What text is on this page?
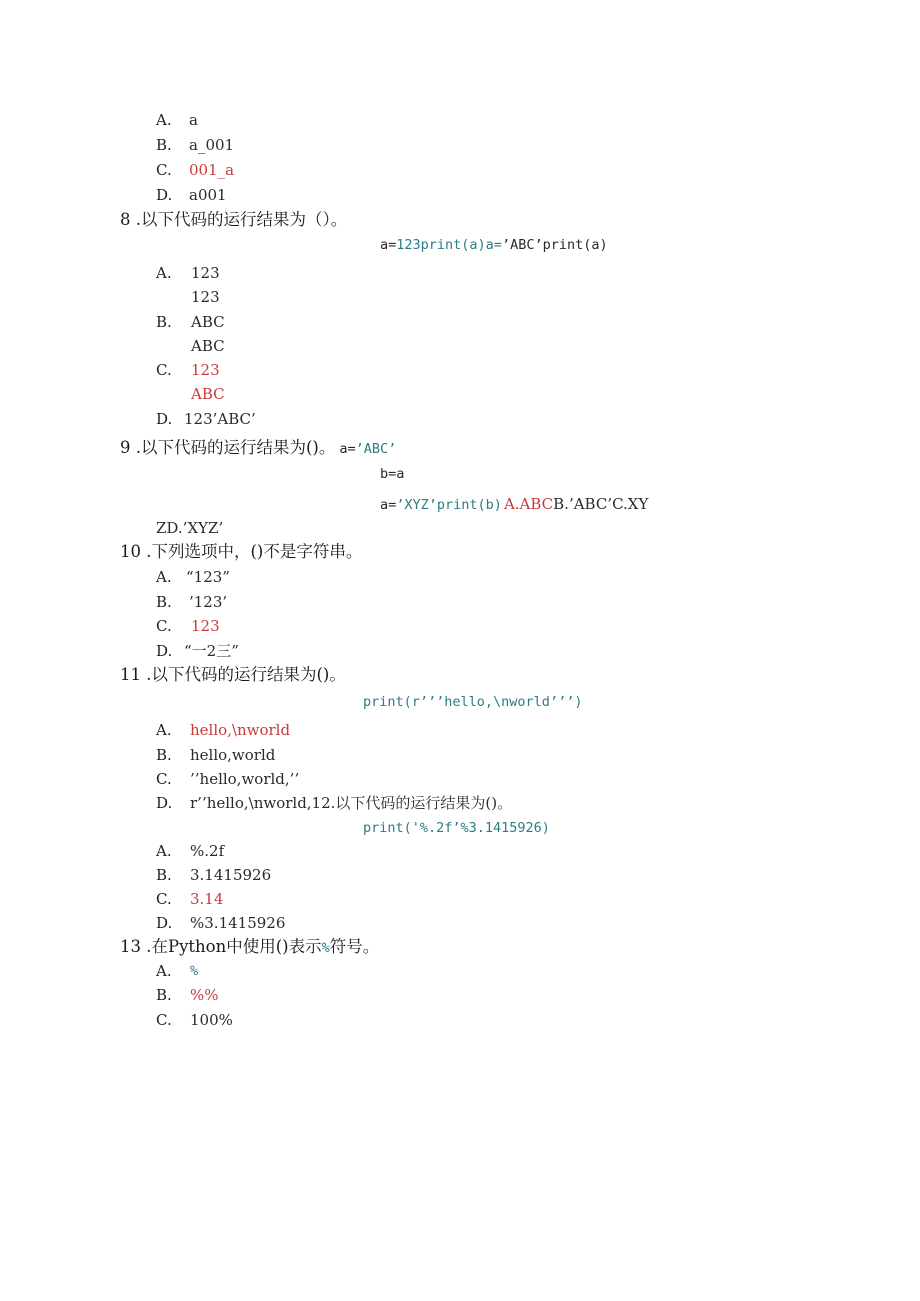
A. a
B. a_001
C. 001_a
D. a001
8 .以下代码的运行结果为（）。
a=123print(a)a=’ABC’print(a)
A. 123
123
B. ABC
ABC
C. 123
ABC
D. 123’ABC’
9 .以下代码的运行结果为()。 a=’ABC’
b=a
a=’XYZ’print(b) A.ABCB.’ABC’C.XY
ZD.’XYZ’
10 .下列选项中，()不是字符串。
A. “123”
B. ’123’
C. 123
D. “一2三”
11 .以下代码的运行结果为()。
print(r’’’hello,\nworld’’’)
A. hello,\nworld
B. hello,world
C. ’’hello,world,’’
D. r’’hello,\nworld,12.以下代码的运行结果为()。
print('%.2f’%3.1415926)
A. %.2f
B. 3.1415926
C. 3.14
D. %3.1415926
13 .在Python中使用()表示%符号。
A. %
B. %%
C. 100%
